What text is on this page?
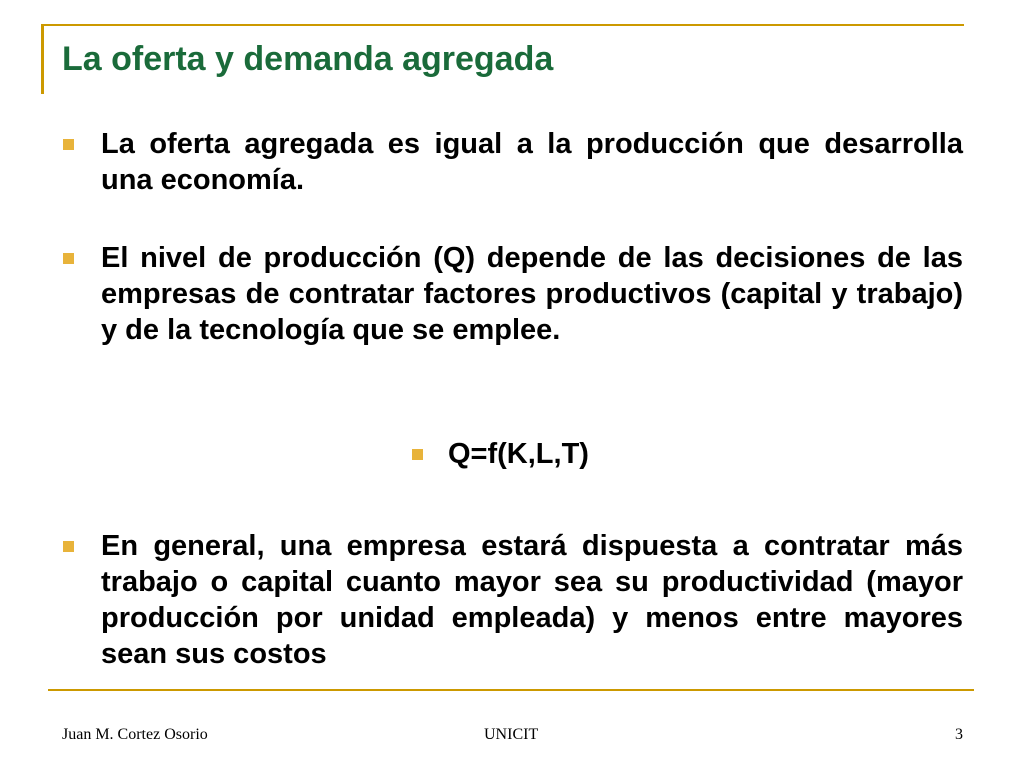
La oferta y demanda agregada

La oferta agregada es igual a la producción que desarrolla una economía.

El nivel de producción (Q) depende de las decisiones de las empresas de contratar factores productivos (capital y trabajo) y de la tecnología que se emplee.

Q=f(K,L,T)

En general, una empresa estará dispuesta a contratar más trabajo o capital cuanto mayor sea su productividad (mayor producción por unidad empleada) y menos entre mayores sean sus costos

Juan M. Cortez Osorio	UNICIT	3
